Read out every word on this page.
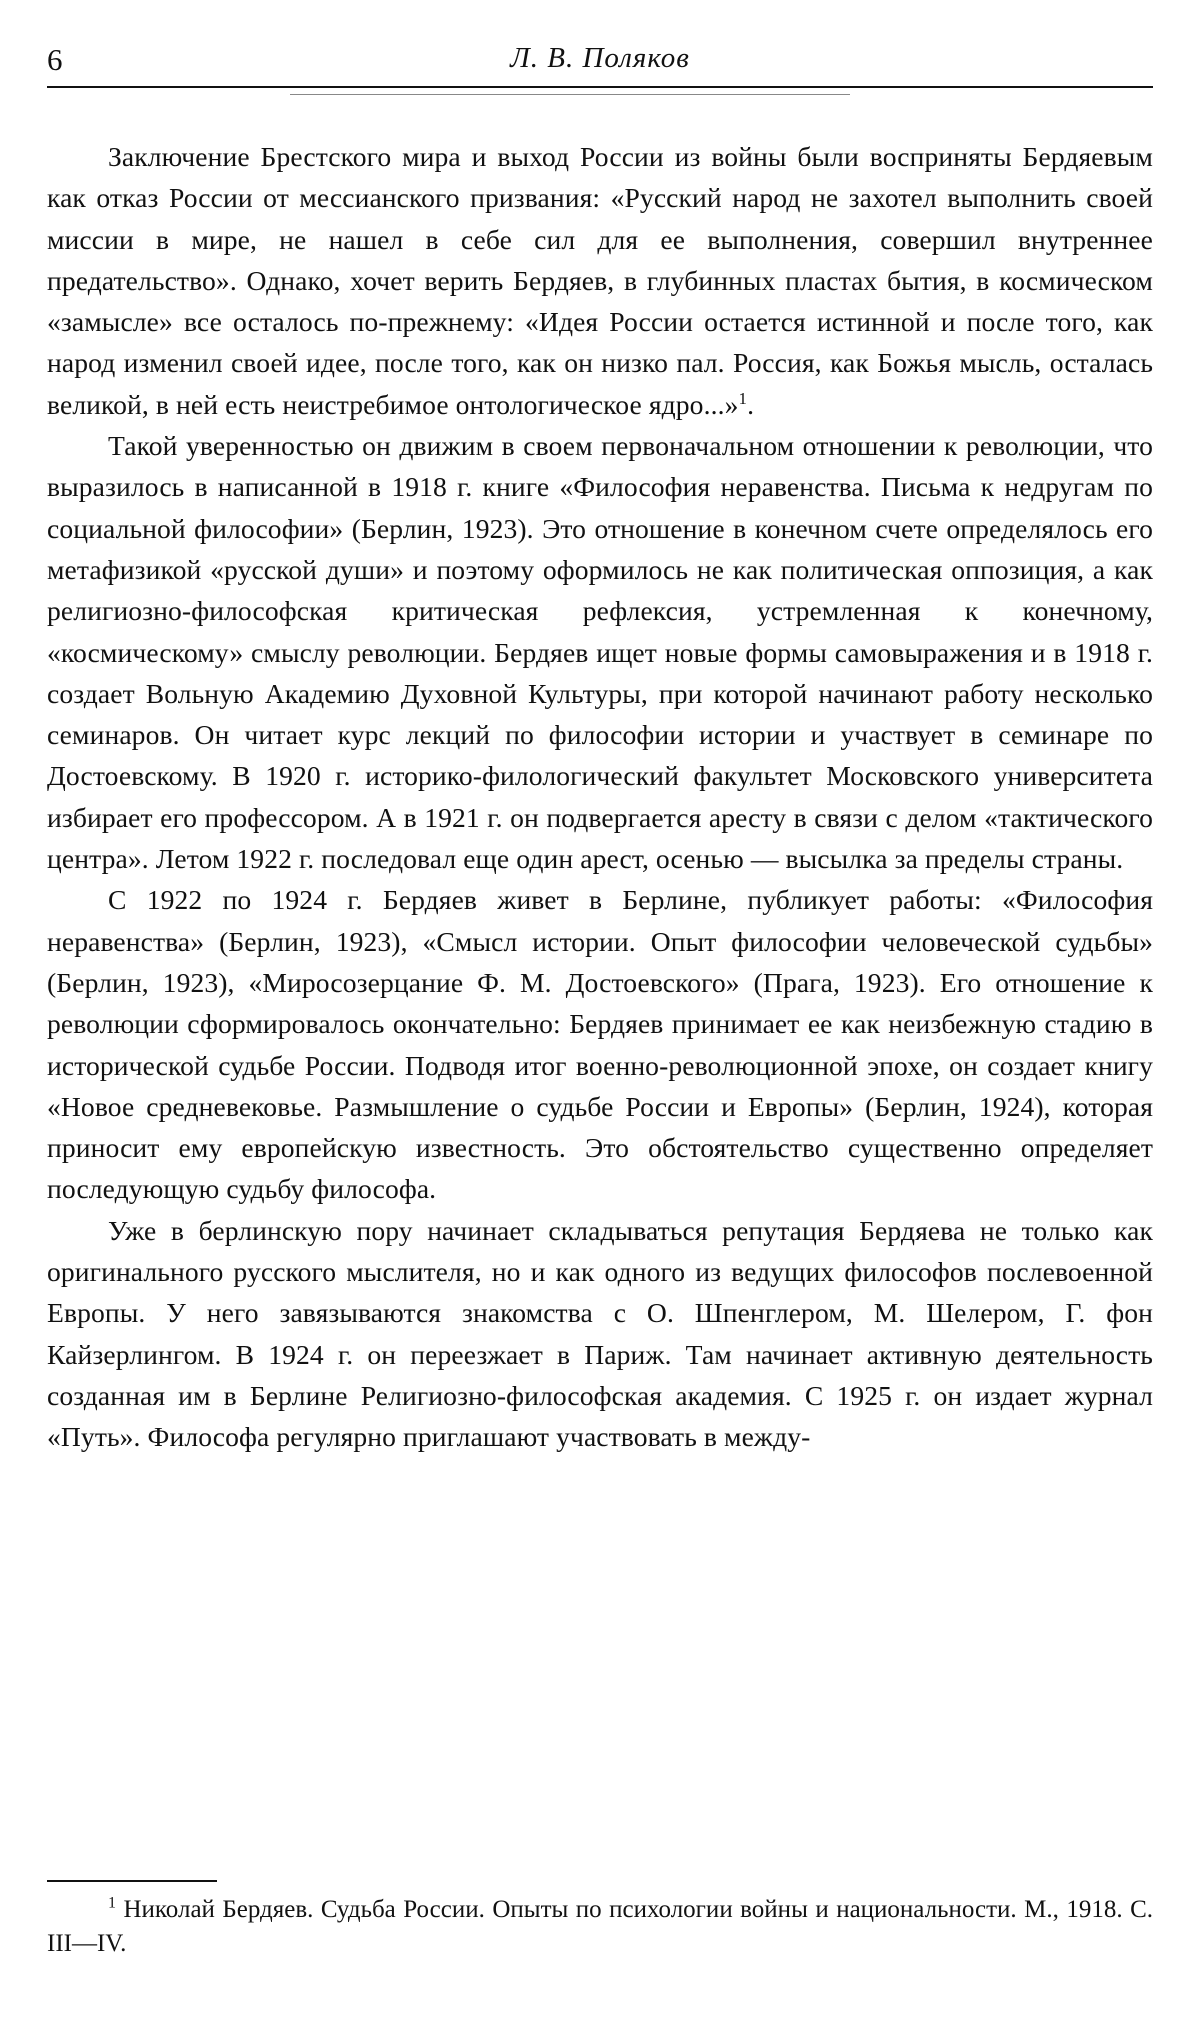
6	Л. В. Поляков

Заключение Брестского мира и выход России из войны были восприняты Бердяевым как отказ России от мессианского призвания: «Русский народ не захотел выполнить своей миссии в мире, не нашел в себе сил для ее выполнения, совершил внутреннее предательство». Однако, хочет верить Бердяев, в глубинных пластах бытия, в космическом «замысле» все осталось по-прежнему: «Идея России остается истинной и после того, как народ изменил своей идее, после того, как он низко пал. Россия, как Божья мысль, осталась великой, в ней есть неистребимое онтологическое ядро...»$^1$.

Такой уверенностью он движим в своем первоначальном отношении к революции, что выразилось в написанной в 1918 г. книге «Философия неравенства. Письма к недругам по социальной философии» (Берлин, 1923). Это отношение в конечном счете определялось его метафизикой «русской души» и поэтому оформилось не как политическая оппозиция, а как религиозно-философская критическая рефлексия, устремленная к конечному, «космическому» смыслу революции. Бердяев ищет новые формы самовыражения и в 1918 г. создает Вольную Академию Духовной Культуры, при которой начинают работу несколько семинаров. Он читает курс лекций по философии истории и участвует в семинаре по Достоевскому. В 1920 г. историко-филологический факультет Московского университета избирает его профессором. А в 1921 г. он подвергается аресту в связи с делом «тактического центра». Летом 1922 г. последовал еще один арест, осенью — высылка за пределы страны.

С 1922 по 1924 г. Бердяев живет в Берлине, публикует работы: «Философия неравенства» (Берлин, 1923), «Смысл истории. Опыт философии человеческой судьбы» (Берлин, 1923), «Миросозерцание Ф. М. Достоевского» (Прага, 1923). Его отношение к революции сформировалось окончательно: Бердяев принимает ее как неизбежную стадию в исторической судьбе России. Подводя итог военно-революционной эпохе, он создает книгу «Новое средневековье. Размышление о судьбе России и Европы» (Берлин, 1924), которая приносит ему европейскую известность. Это обстоятельство существенно определяет последующую судьбу философа.

Уже в берлинскую пору начинает складываться репутация Бердяева не только как оригинального русского мыслителя, но и как одного из ведущих философов послевоенной Европы. У него завязываются знакомства с О. Шпенглером, М. Шелером, Г. фон Кайзерлингом. В 1924 г. он переезжает в Париж. Там начинает активную деятельность созданная им в Берлине Религиозно-философская академия. С 1925 г. он издает журнал «Путь». Философа регулярно приглашают участвовать в между-

$^1$ Николай Бердяев. Судьба России. Опыты по психологии войны и национальности. М., 1918. С. III—IV.
